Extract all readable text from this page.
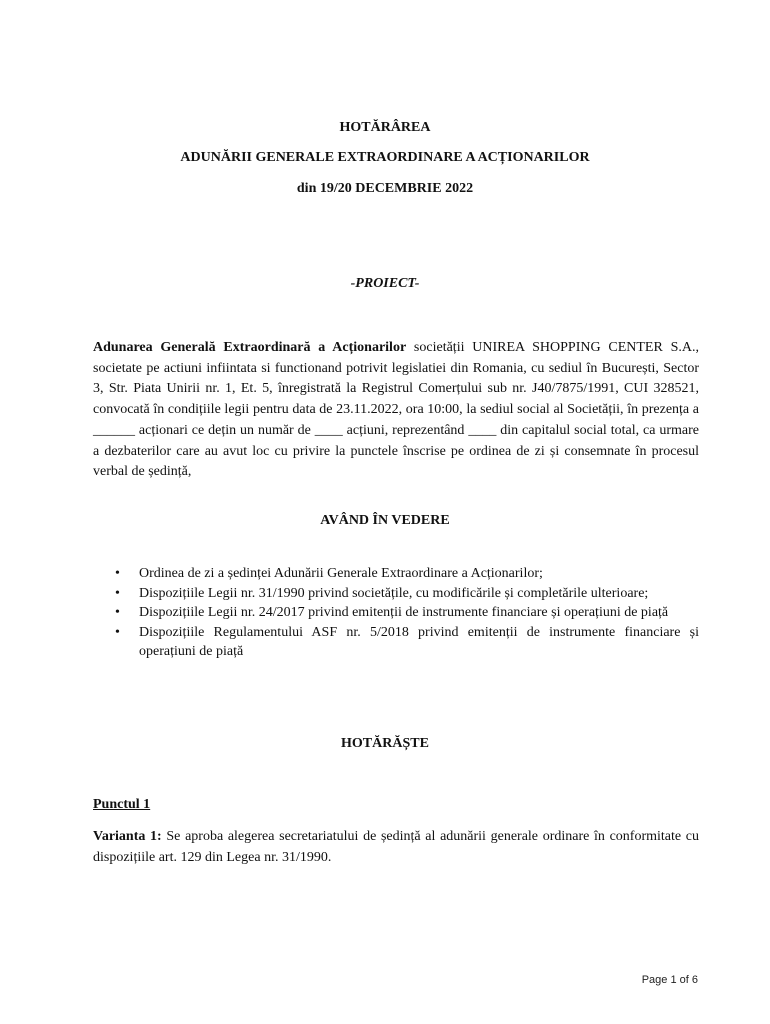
HOTĂRÂREA
ADUNĂRII GENERALE EXTRAORDINARE A ACȚIONARILOR
din 19/20 DECEMBRIE 2022
-PROIECT-
Adunarea Generală Extraordinară a Acționarilor societății UNIREA SHOPPING CENTER S.A., societate pe actiuni infiintata si functionand potrivit legislatiei din Romania, cu sediul în București, Sector 3, Str. Piata Unirii nr. 1, Et. 5, înregistrată la Registrul Comerțului sub nr. J40/7875/1991, CUI 328521, convocată în condițiile legii pentru data de 23.11.2022, ora 10:00, la sediul social al Societății, în prezența a ______ acționari ce dețin un număr de ____ acțiuni, reprezentând ____ din capitalul social total, ca urmare a dezbaterilor care au avut loc cu privire la punctele înscrise pe ordinea de zi și consemnate în procesul verbal de ședință,
AVÂND ÎN VEDERE
• Ordinea de zi a ședinței Adunării Generale Extraordinare a Acționarilor;
• Dispozițiile Legii nr. 31/1990 privind societățile, cu modificările și completările ulterioare;
• Dispozițiile Legii nr. 24/2017 privind emitenții de instrumente financiare și operațiuni de piață
• Dispozițiile Regulamentului ASF nr. 5/2018 privind emitenții de instrumente financiare și operațiuni de piață
HOTĂRĂȘTE
Punctul 1
Varianta 1: Se aproba alegerea secretariatului de ședință al adunării generale ordinare în conformitate cu dispozițiile art. 129 din Legea nr. 31/1990.
Page 1 of 6
